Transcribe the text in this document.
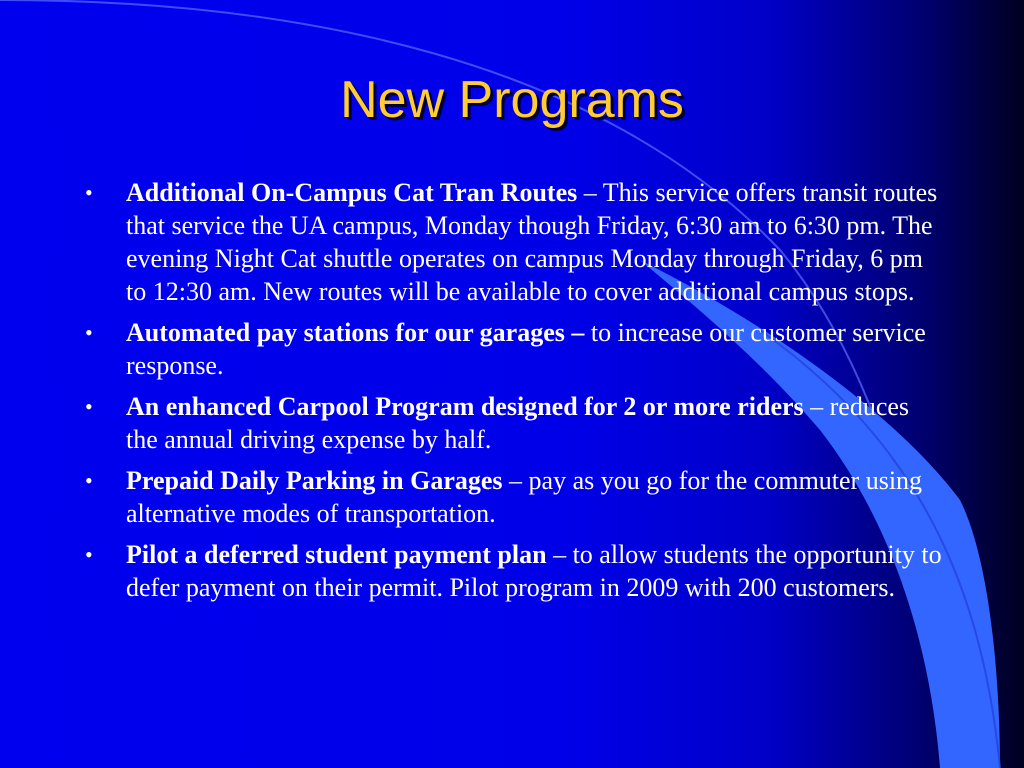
New Programs
• Additional On-Campus Cat Tran Routes – This service offers transit routes that service the UA campus, Monday though Friday, 6:30 am to 6:30 pm. The evening Night Cat shuttle operates on campus Monday through Friday, 6 pm to 12:30 am. New routes will be available to cover additional campus stops.
• Automated pay stations for our garages – to increase our customer service response.
• An enhanced Carpool Program designed for 2 or more riders – reduces the annual driving expense by half.
• Prepaid Daily Parking in Garages – pay as you go for the commuter using alternative modes of transportation.
• Pilot a deferred student payment plan – to allow students the opportunity to defer payment on their permit. Pilot program in 2009 with 200 customers.
